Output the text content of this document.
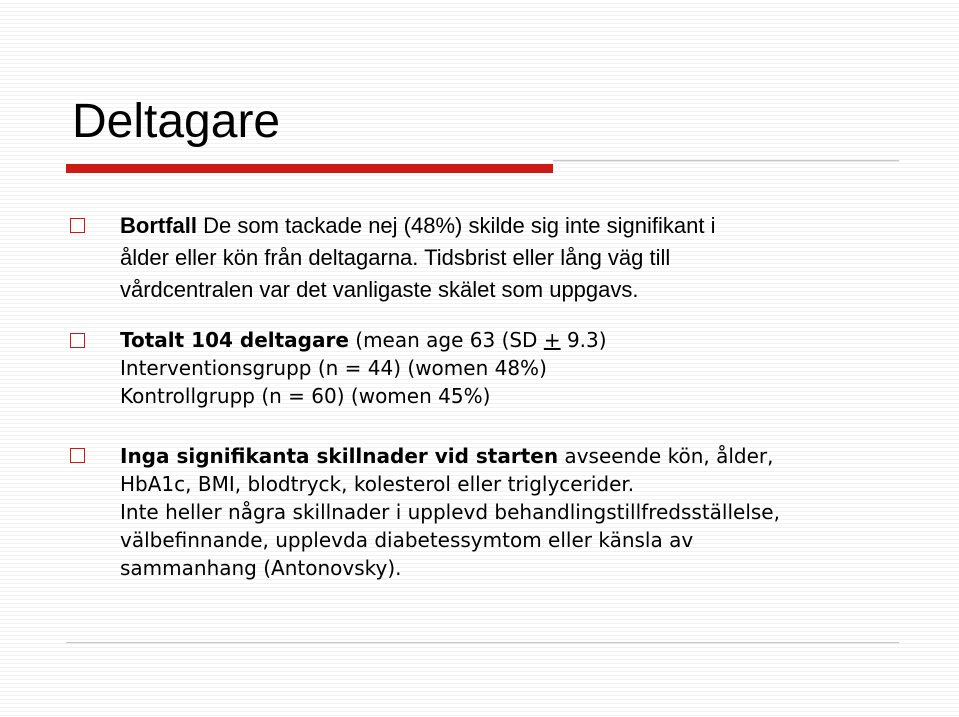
Deltagare
Bortfall De som tackade nej (48%) skilde sig inte signifikant i
ålder eller kön från deltagarna. Tidsbrist eller lång väg till
vårdcentralen var det vanligaste skälet som uppgavs.
Totalt 104 deltagare (mean age 63 (SD + 9.3)
Interventionsgrupp (n = 44) (women 48%)
Kontrollgrupp (n = 60) (women 45%)
Inga signifikanta skillnader vid starten avseende kön, ålder,
HbA1c, BMI, blodtryck, kolesterol eller triglycerider.
Inte heller några skillnader i upplevd behandlingstillfredsställelse,
välbefinnande, upplevda diabetessymtom eller känsla av
sammanhang (Antonovsky).
